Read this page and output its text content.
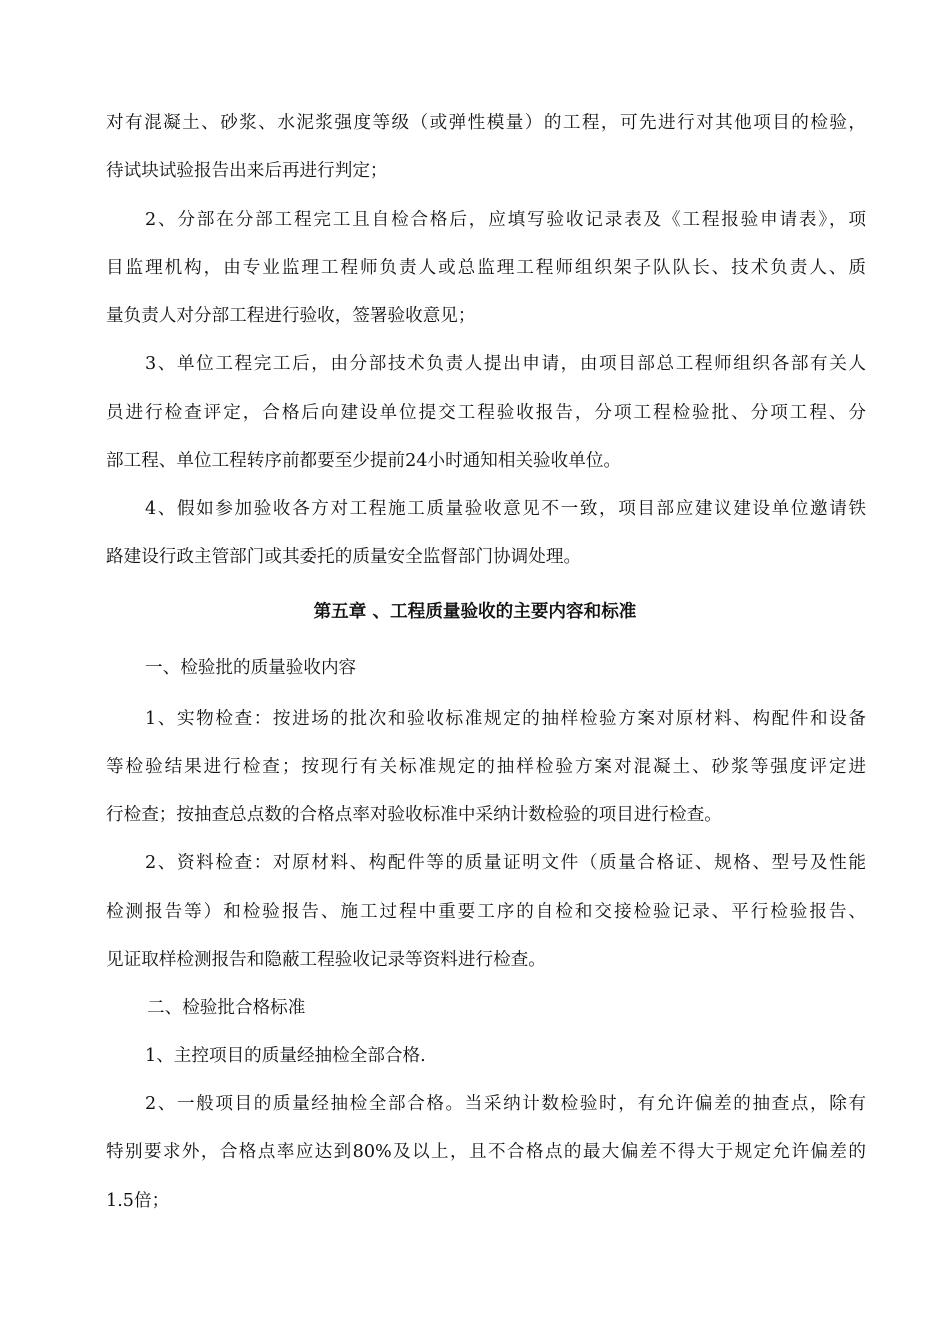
对有混凝土、砂浆、水泥浆强度等级（或弹性模量）的工程，可先进行对其他项目的检验，
待试块试验报告出来后再进行判定；
2、分部在分部工程完工且自检合格后，应填写验收记录表及《工程报验申请表》，项
目监理机构，由专业监理工程师负责人或总监理工程师组织架子队队长、技术负责人、质
量负责人对分部工程进行验收，签署验收意见；
3、单位工程完工后，由分部技术负责人提出申请，由项目部总工程师组织各部有关人
员进行检查评定，合格后向建设单位提交工程验收报告，分项工程检验批、分项工程、分
部工程、单位工程转序前都要至少提前24小时通知相关验收单位。
4、假如参加验收各方对工程施工质量验收意见不一致，项目部应建议建设单位邀请铁
路建设行政主管部门或其委托的质量安全监督部门协调处理。
第五章 、工程质量验收的主要内容和标准
一、检验批的质量验收内容
1、实物检查：按进场的批次和验收标准规定的抽样检验方案对原材料、构配件和设备
等检验结果进行检查；按现行有关标准规定的抽样检验方案对混凝土、砂浆等强度评定进
行检查；按抽查总点数的合格点率对验收标准中采纳计数检验的项目进行检查。
2、资料检查：对原材料、构配件等的质量证明文件（质量合格证、规格、型号及性能
检测报告等）和检验报告、施工过程中重要工序的自检和交接检验记录、平行检验报告、
见证取样检测报告和隐蔽工程验收记录等资料进行检查。
二、检验批合格标准
1、主控项目的质量经抽检全部合格.
2、一般项目的质量经抽检全部合格。当采纳计数检验时，有允许偏差的抽查点，除有
特别要求外，合格点率应达到80%及以上，且不合格点的最大偏差不得大于规定允许偏差的
1.5倍；
